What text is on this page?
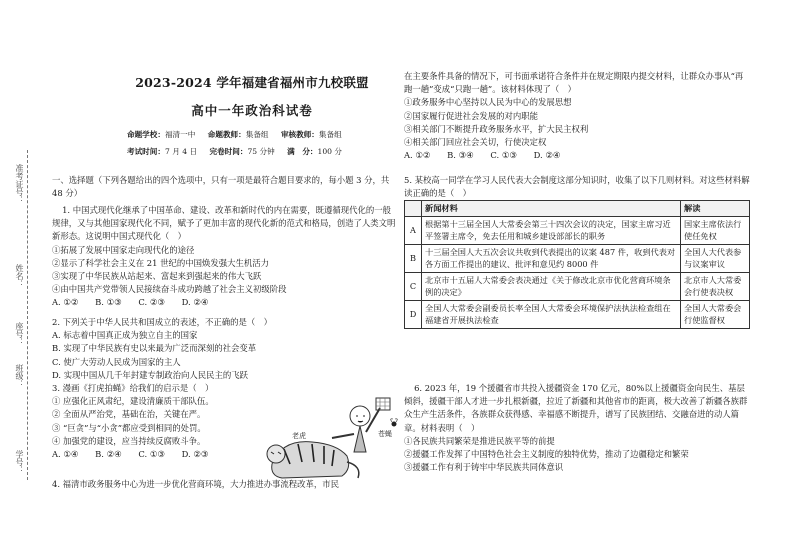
准考证号：
姓名：
座号：
班级：
学号：
2023-2024 学年福建省福州市九校联盟
高中一年政治科试卷
命题学校：福清一中 命题教师：集备组 审核教师：集备组
考试时间：7 月 4 日 完卷时间：75 分钟 满　分：100 分

一、选择题（下列各题给出的四个选项中，只有一项是最符合题目要求的，每小题 3 分，共 48 分）

1. 中国式现代化继承了中国革命、建设、改革和新时代的内在需要，既遵循现代化的一般规律，又与其他国家现代化不同，赋予了更加丰富的现代化新的范式和格局，创造了人类文明新形态。这说明中国式现代化（　）

①拓展了发展中国家走向现代化的途径

②显示了科学社会主义在 21 世纪的中国焕发强大生机活力

③实现了中华民族从站起来、富起来到强起来的伟大飞跃

④由中国共产党带领人民接续奋斗成功跨越了社会主义初级阶段

A. ①②　　B. ①③　　C. ②③　　D. ②④

2. 下列关于中华人民共和国成立的表述，不正确的是（　）

A. 标志着中国真正成为独立自主的国家

B. 实现了中华民族有史以来最为广泛而深刻的社会变革

C. 使广大劳动人民成为国家的主人

D. 实现中国从几千年封建专制政治向人民民主的飞跃

3. 漫画《打虎拍蝇》给我们的启示是（　）

① 应强化正风肃纪，建设清廉质干部队伍。

② 全面从严治党，基础在治，关键在严。

③ “巨贪”与“小贪”都应受到相同的处罚。

④ 加强党的建设，应当持续反腐败斗争。

A. ①④　　B. ②④　　C. ①③　　D. ②③

老虎	苍蝇

4. 福清市政务服务中心为进一步优化营商环境，大力推进办事流程改革，市民

在主要条件具备的情况下，可书面承诺符合条件并在规定期限内提交材料，让群众办事从“再跑一趟”变成“只跑一趟”。该材料体现了（　）

①政务服务中心坚持以人民为中心的发展思想

②国家履行促进社会发展的对内职能

③相关部门不断提升政务服务水平，扩大民主权利

④相关部门回应社会关切，行使决定权

A. ①②　　B. ③④　　C. ①③　　D. ②④

5. 某校高一同学在学习人民代表大会制度这部分知识时，收集了以下几则材料。对这些材料解读正确的是（　）

	新闻材料	解读
A	根据第十三届全国人大常委会第三十四次会议的决定，国家主席习近平签署主席令，免去任用和城乡建设部部长的职务	国家主席依法行使任免权
B	十三届全国人大五次会议共收到代表提出的议案 487 件，收到代表对各方面工作提出的建议、批评和意见约 8000 件	全国人大代表参与议案审议
C	北京市十五届人大常委会表决通过《关于修改北京市优化营商环境条例的决定》	北京市人大常委会行使表决权
D	全国人大常委会副委员长率全国人大常委会环境保护法执法检查组在福建省开展执法检查	全国人大常委会行使监督权

6. 2023 年，19 个援疆省市共投入援疆资金 170 亿元，80%以上援疆资金向民生、基层倾斜，援疆干部人才进一步扎根新疆，拉近了新疆和其他省市的距离，极大改善了新疆各族群众生产生活条件，各族群众获得感、幸福感不断提升，谱写了民族团结、交融奋进的动人篇章。材料表明（　）

①各民族共同繁荣是推进民族平等的前提

②援疆工作发挥了中国特色社会主义制度的独特优势，推动了边疆稳定和繁荣

③援疆工作有利于铸牢中华民族共同体意识
